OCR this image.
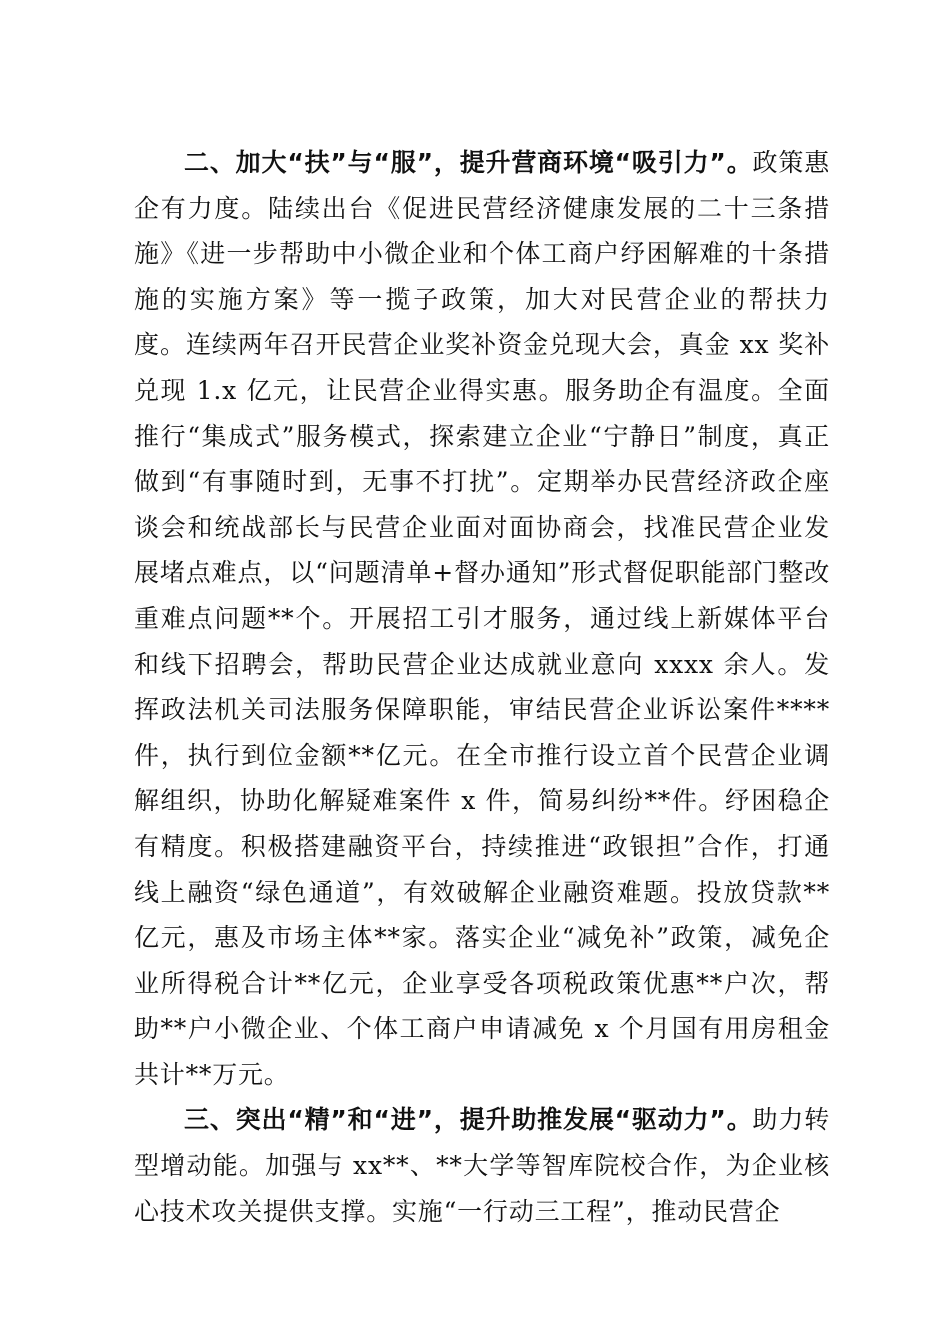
二、加大“扶”与“服”，提升营商环境“吸引力”。政策惠企有力度。陆续出台《促进民营经济健康发展的二十三条措施》《进一步帮助中小微企业和个体工商户纾困解难的十条措施的实施方案》等一揽子政策，加大对民营企业的帮扶力度。连续两年召开民营企业奖补资金兑现大会，真金 xx 奖补兑现 1.x 亿元，让民营企业得实惠。服务助企有温度。全面推行“集成式”服务模式，探索建立企业“宁静日”制度，真正做到“有事随时到，无事不打扰”。定期举办民营经济政企座谈会和统战部长与民营企业面对面协商会，找准民营企业发展堵点难点，以“问题清单+督办通知”形式督促职能部门整改重难点问题**个。开展招工引才服务，通过线上新媒体平台和线下招聘会，帮助民营企业达成就业意向 xxxx 余人。发挥政法机关司法服务保障职能，审结民营企业诉讼案件****件，执行到位金额**亿元。在全市推行设立首个民营企业调解组织，协助化解疑难案件 x 件，简易纠纷**件。纾困稳企有精度。积极搭建融资平台，持续推进“政银担”合作，打通线上融资“绿色通道”，有效破解企业融资难题。投放贷款**亿元，惠及市场主体**家。落实企业“减免补”政策，减免企业所得税合计**亿元，企业享受各项税政策优惠**户次，帮助**户小微企业、个体工商户申请减免 x 个月国有用房租金共计**万元。

三、突出“精”和“进”，提升助推发展“驱动力”。助力转型增动能。加强与 xx**、**大学等智库院校合作，为企业核心技术攻关提供支撑。实施“一行动三工程”，推动民营企
